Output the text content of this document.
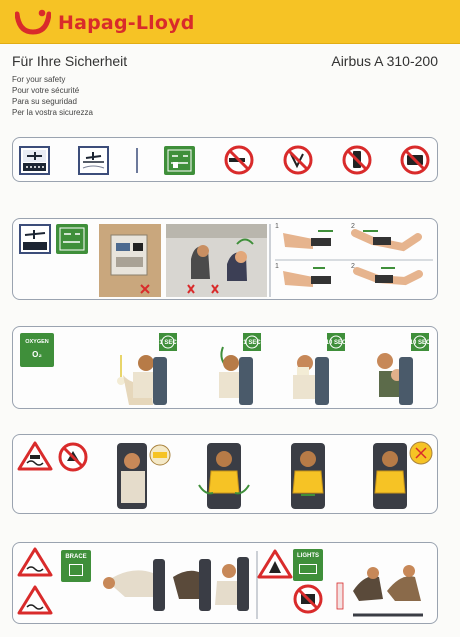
Hapag-Lloyd
Für Ihre Sicherheit	Airbus A 310-200
For your safety
Pour votre sécurité
Para su seguridad
Per la vostra sicurezza
1	2
1	2
OXYGEN
O₂
1 SEC	1 SEC	10 SEC	10 SEC
BRACE	LIGHTS
